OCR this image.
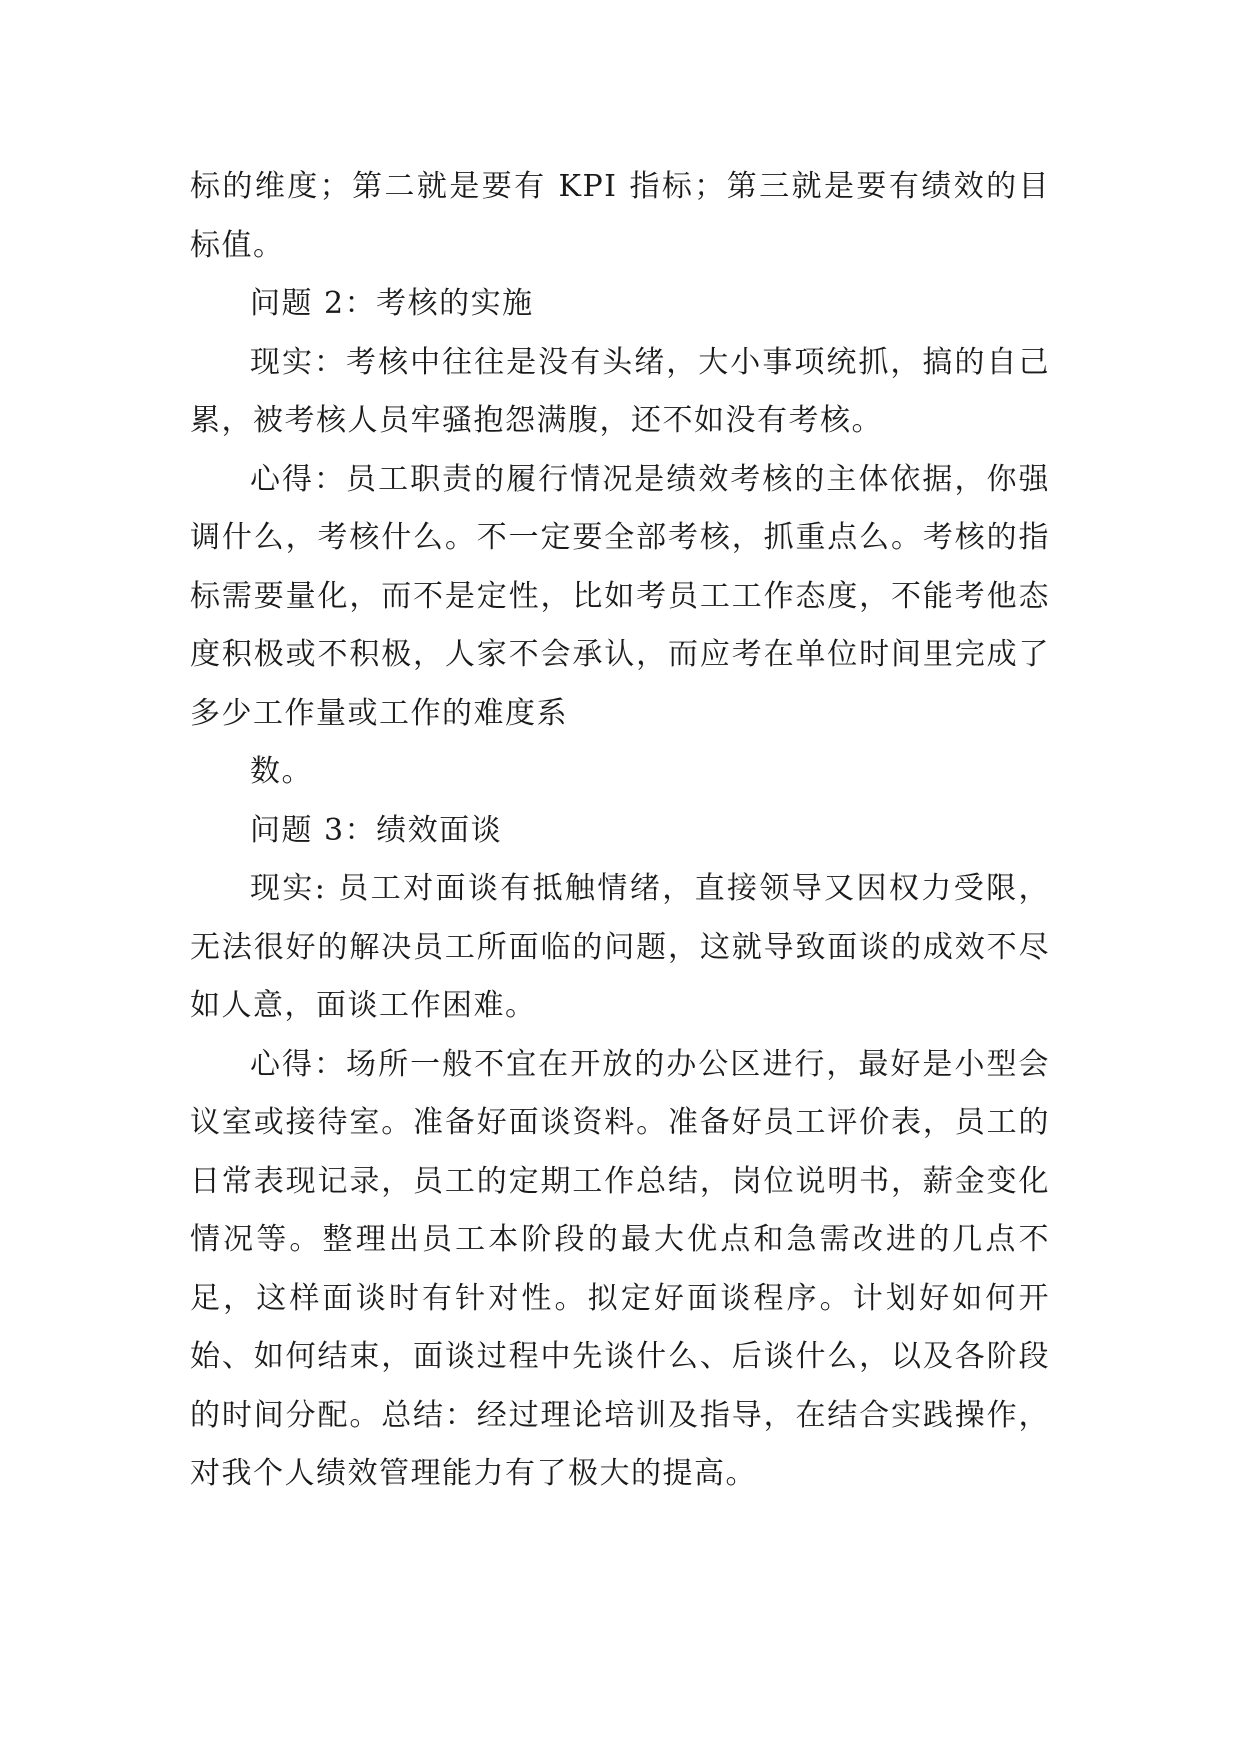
标的维度；第二就是要有 KPI 指标；第三就是要有绩效的目标值。

问题 2：考核的实施

现实：考核中往往是没有头绪，大小事项统抓，搞的自己累，被考核人员牢骚抱怨满腹，还不如没有考核。

心得：员工职责的履行情况是绩效考核的主体依据，你强调什么，考核什么。不一定要全部考核，抓重点么。考核的指标需要量化，而不是定性，比如考员工工作态度，不能考他态度积极或不积极，人家不会承认，而应考在单位时间里完成了多少工作量或工作的难度系

数。

问题 3：绩效面谈

现实: 员工对面谈有抵触情绪，直接领导又因权力受限，无法很好的解决员工所面临的问题，这就导致面谈的成效不尽如人意，面谈工作困难。

心得：场所一般不宜在开放的办公区进行，最好是小型会议室或接待室。准备好面谈资料。准备好员工评价表，员工的日常表现记录，员工的定期工作总结，岗位说明书，薪金变化情况等。整理出员工本阶段的最大优点和急需改进的几点不足，这样面谈时有针对性。拟定好面谈程序。计划好如何开始、如何结束，面谈过程中先谈什么、后谈什么，以及各阶段的时间分配。总结：经过理论培训及指导，在结合实践操作，对我个人绩效管理能力有了极大的提高。
